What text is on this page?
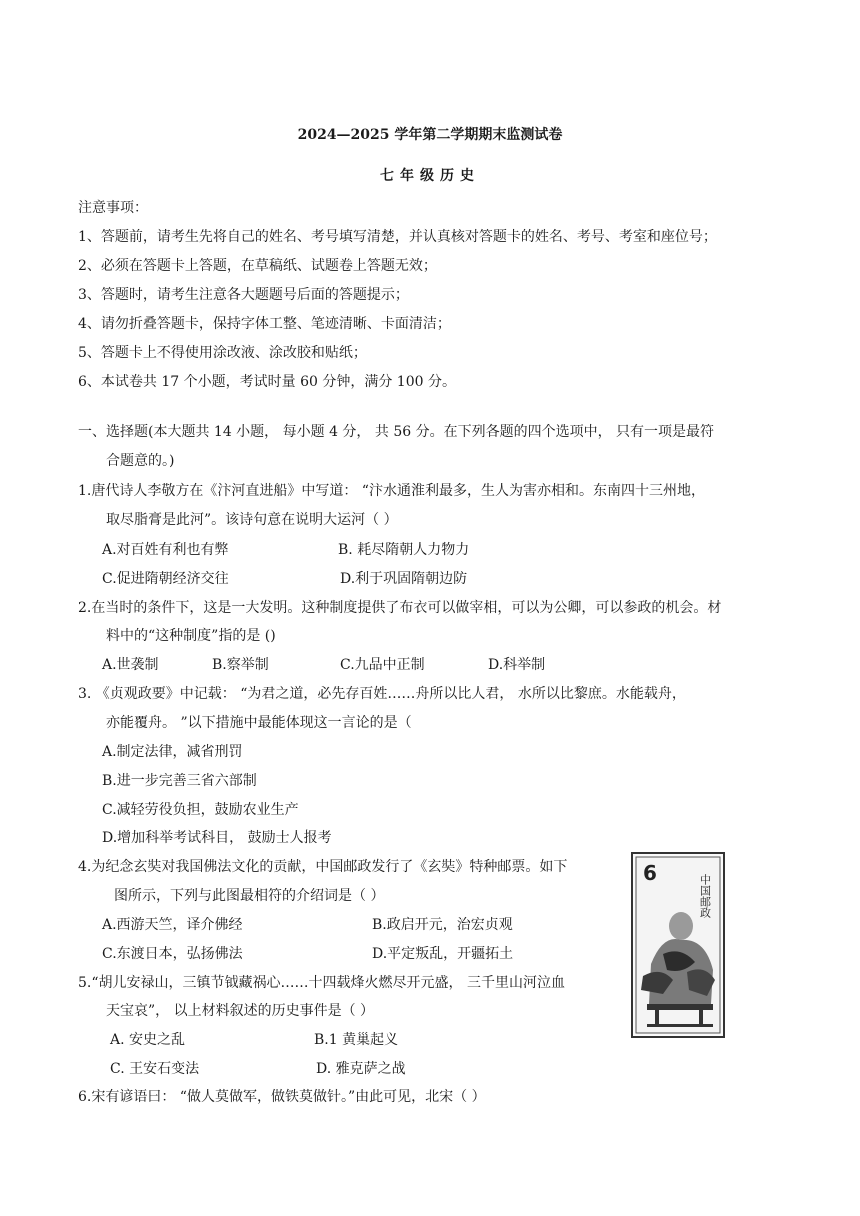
2024—2025 学年第二学期期末监测试卷
七年级历史
注意事项：
1、答题前，请考生先将自己的姓名、考号填写清楚，并认真核对答题卡的姓名、考号、考室和座位号；
2、必须在答题卡上答题，在草稿纸、试题卷上答题无效；
3、答题时，请考生注意各大题题号后面的答题提示；
4、请勿折叠答题卡，保持字体工整、笔迹清晰、卡面清洁；
5、答题卡上不得使用涂改液、涂改胶和贴纸；
6、本试卷共 17 个小题，考试时量 60 分钟，满分 100 分。
一、选择题(本大题共 14 小题， 每小题 4 分， 共 56 分。在下列各题的四个选项中， 只有一项是最符
合题意的。)
1.唐代诗人李敬方在《汴河直进船》中写道： “汴水通淮利最多，生人为害亦相和。东南四十三州地，
取尽脂膏是此河”。该诗句意在说明大运河（ ）
A.对百姓有利也有弊	B. 耗尽隋朝人力物力
C.促进隋朝经济交往	D.利于巩固隋朝边防
2.在当时的条件下，这是一大发明。这种制度提供了布衣可以做宰相，可以为公卿，可以参政的机会。材
料中的“这种制度”指的是 ()
A.世袭制	B.察举制	C.九品中正制	D.科举制
3. 《贞观政要》中记载： “为君之道，必先存百姓……舟所以比人君， 水所以比黎庶。水能载舟，
亦能覆舟。 ”以下措施中最能体现这一言论的是（
A.制定法律，减省刑罚
B.进一步完善三省六部制
C.减轻劳役负担，鼓励农业生产
D.增加科举考试科目， 鼓励士人报考
4.为纪念玄奘对我国佛法文化的贡献，中国邮政发行了《玄奘》特种邮票。如下
图所示，下列与此图最相符的介绍词是（ ）
A.西游天竺，译介佛经	B.政启开元，治宏贞观
C.东渡日本，弘扬佛法	D.平定叛乱，开疆拓土
5.“胡儿安禄山，三镇节钺藏祸心……十四载烽火燃尽开元盛， 三千里山河泣血
天宝哀”， 以上材料叙述的历史事件是（ ）
A. 安史之乱	B.1 黄巢起义
C. 王安石变法	D. 雅克萨之战
6.宋有谚语曰： “做人莫做军，做铁莫做针。”由此可见，北宋（ ）
6
中国邮政
